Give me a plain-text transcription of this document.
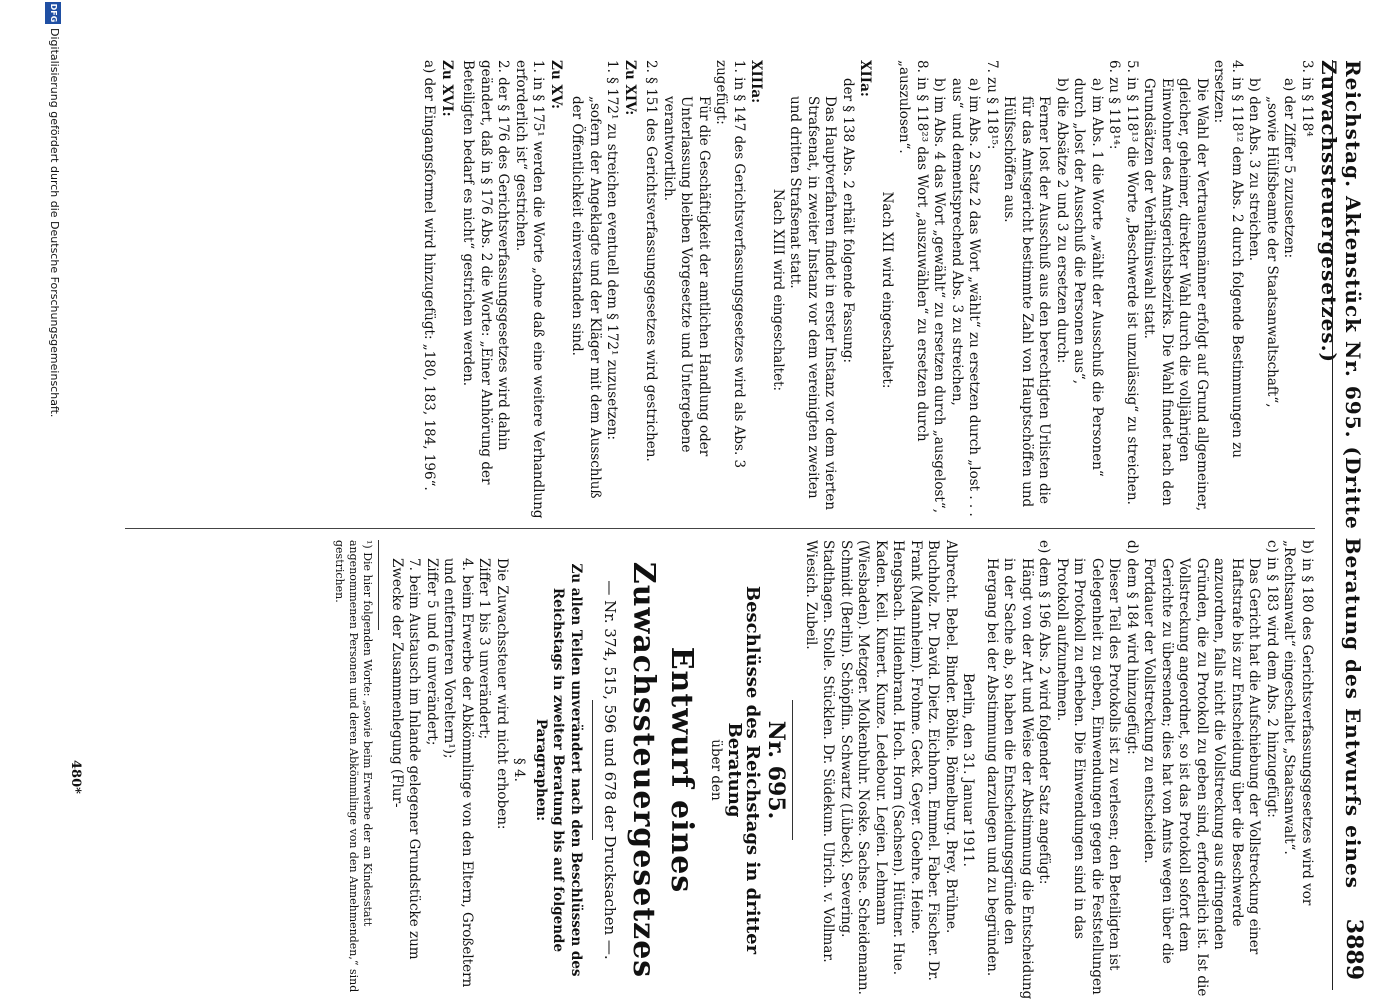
Reichstag. Aktenstück Nr. 695. (Dritte Beratung des Entwurfs eines Zuwachssteuergesetzes.)
3889

3. in § 118⁴

a) der Ziffer 5 zuzusetzen:

„sowie Hülfsbeamte der Staatsanwaltschaft“,

b) den Abs. 3 zu streichen.

4. in § 118¹² dem Abs. 2 durch folgende Bestimmungen zu ersetzen:

Die Wahl der Vertrauensmänner erfolgt auf Grund allgemeiner, gleicher, geheimer, direkter Wahl durch die volljährigen Einwohner des Amtsgerichtsbezirks. Die Wahl findet nach den Grundsätzen der Verhältniswahl statt.

5. in § 118¹³ die Worte „Beschwerde ist unzulässig“ zu streichen.

6. zu § 118¹⁴:

a) im Abs. 1 die Worte „wählt der Ausschuß die Personen“ durch „lost der Ausschuß die Personen aus“,

b) die Absätze 2 und 3 zu ersetzen durch:

Ferner lost der Ausschuß aus den berechtigten Urlisten die für das Amtsgericht bestimmte Zahl von Hauptschöffen und Hülfsschöffen aus.

7. zu § 118¹⁵:

a) im Abs. 2 Satz 2 das Wort „wählt“ zu ersetzen durch „lost . . . aus“ und dementsprechend Abs. 3 zu streichen,

b) im Abs. 4 das Wort „gewählt“ zu ersetzen durch „ausgelost“,

8. in § 118²³ das Wort „auszuwählen“ zu ersetzen durch „auszulosen“.

Nach XII wird eingeschaltet:

XIIa:

der § 138 Abs. 2 erhält folgende Fassung:

Das Hauptverfahren findet in erster Instanz vor dem vierten Strafsenat, in zweiter Instanz vor dem vereinigten zweiten und dritten Strafsenat statt.

Nach XIII wird eingeschaltet:

XIIIa:

1. in § 147 des Gerichtsverfassungsgesetzes wird als Abs. 3 zugefügt:

Für die Geschäftigkeit der amtlichen Handlung oder Unterlassung bleiben Vorgesetzte und Untergebene verantwortlich.

2. § 151 des Gerichtsverfassungsgesetzes wird gestrichen.

Zu XIV:

1. § 172¹ zu streichen eventuell dem § 172¹ zuzusetzen:

„sofern der Angeklagte und der Kläger mit dem Ausschluß der Öffentlichkeit einverstanden sind.

Zu XV:

1. in § 175¹ werden die Worte „ohne daß eine weitere Verhandlung erforderlich ist“ gestrichen.

2. der § 176 des Gerichtsverfassungsgesetzes wird dahin geändert, daß in § 176 Abs. 2 die Worte: „Einer Anhörung der Beteiligten bedarf es nicht“ gestrichen werden.

Zu XVI:

a) der Eingangsformel wird hinzugefügt: „180, 183, 184, 196“.

b) in § 180 des Gerichtsverfassungsgesetzes wird vor „Rechtsanwalt“ eingeschaltet „Staatsanwalt“.

c) in § 183 wird dem Abs. 2 hinzugefügt:

Das Gericht hat die Aufschiebung der Vollstreckung einer Haftstrafe bis zur Entscheidung über die Beschwerde anzuordnen, falls nicht die Vollstreckung aus dringenden Gründen, die zu Protokoll zu geben sind, erforderlich ist. Ist die Vollstreckung angeordnet, so ist das Protokoll sofort dem Gerichte zu übersenden; dies hat von Amts wegen über die Fortdauer der Vollstreckung zu entscheiden.

d) dem § 184 wird hinzugefügt:

Dieser Teil des Protokolls ist zu verlesen; den Beteiligten ist Gelegenheit zu geben, Einwendungen gegen die Feststellungen im Protokoll zu erheben. Die Einwendungen sind in das Protokoll aufzunehmen.

e) dem § 196 Abs. 2 wird folgender Satz angefügt:

Hängt von der Art und Weise der Abstimmung die Entscheidung in der Sache ab, so haben die Entscheidungsgründe den Hergang bei der Abstimmung darzulegen und zu begründen.

Berlin, den 31. Januar 1911.

Albrecht. Bebel. Binder. Böhle. Bömelburg. Brey. Brühne. Buchholz. Dr. David. Dietz. Eichhorn. Emmel. Faber. Fischer. Dr. Frank (Mannheim). Frohme. Geck. Geyer. Goehre. Heine. Hengsbach. Hildenbrand. Hoch. Horn (Sachsen). Hüttner. Hue. Kaden. Keil. Kunert. Kunze. Ledebour. Legien. Lehmann (Wiesbaden). Metzger. Molkenbuhr. Noske. Sachse. Scheidemann. Schmidt (Berlin). Schöpflin. Schwartz (Lübeck). Severing. Stadthagen. Stolle. Stücklen. Dr. Südekum. Ulrich. v. Vollmar. Wiesich. Zubeil.

Nr. 695.

Beschlüsse des Reichstags in dritter Beratung

über den

Entwurf eines Zuwachssteuergesetzes

— Nr. 374, 515, 596 und 678 der Drucksachen —.

Zu allen Teilen unverändert nach den Beschlüssen des Reichstags in zweiter Beratung bis auf folgende Paragraphen:

§ 4.

Die Zuwachssteuer wird nicht erhoben:

Ziffer 1 bis 3 unverändert;

4. beim Erwerbe der Abkömmlinge von den Eltern, Großeltern und entfernteren Voreltern¹);

Ziffer 5 und 6 unverändert;

7. beim Austausch im Inlande gelegener Grundstücke zum Zwecke der Zusammenlegung (Flur-

¹) Die hier folgenden Worte: „sowie beim Erwerbe der an Kindesstatt angenommenen Personen und deren Abkömmlinge von den Annehmenden,“ sind gestrichen.

480*
DFG
Digitalisierung gefördert durch die Deutsche Forschungsgemeinschaft.
